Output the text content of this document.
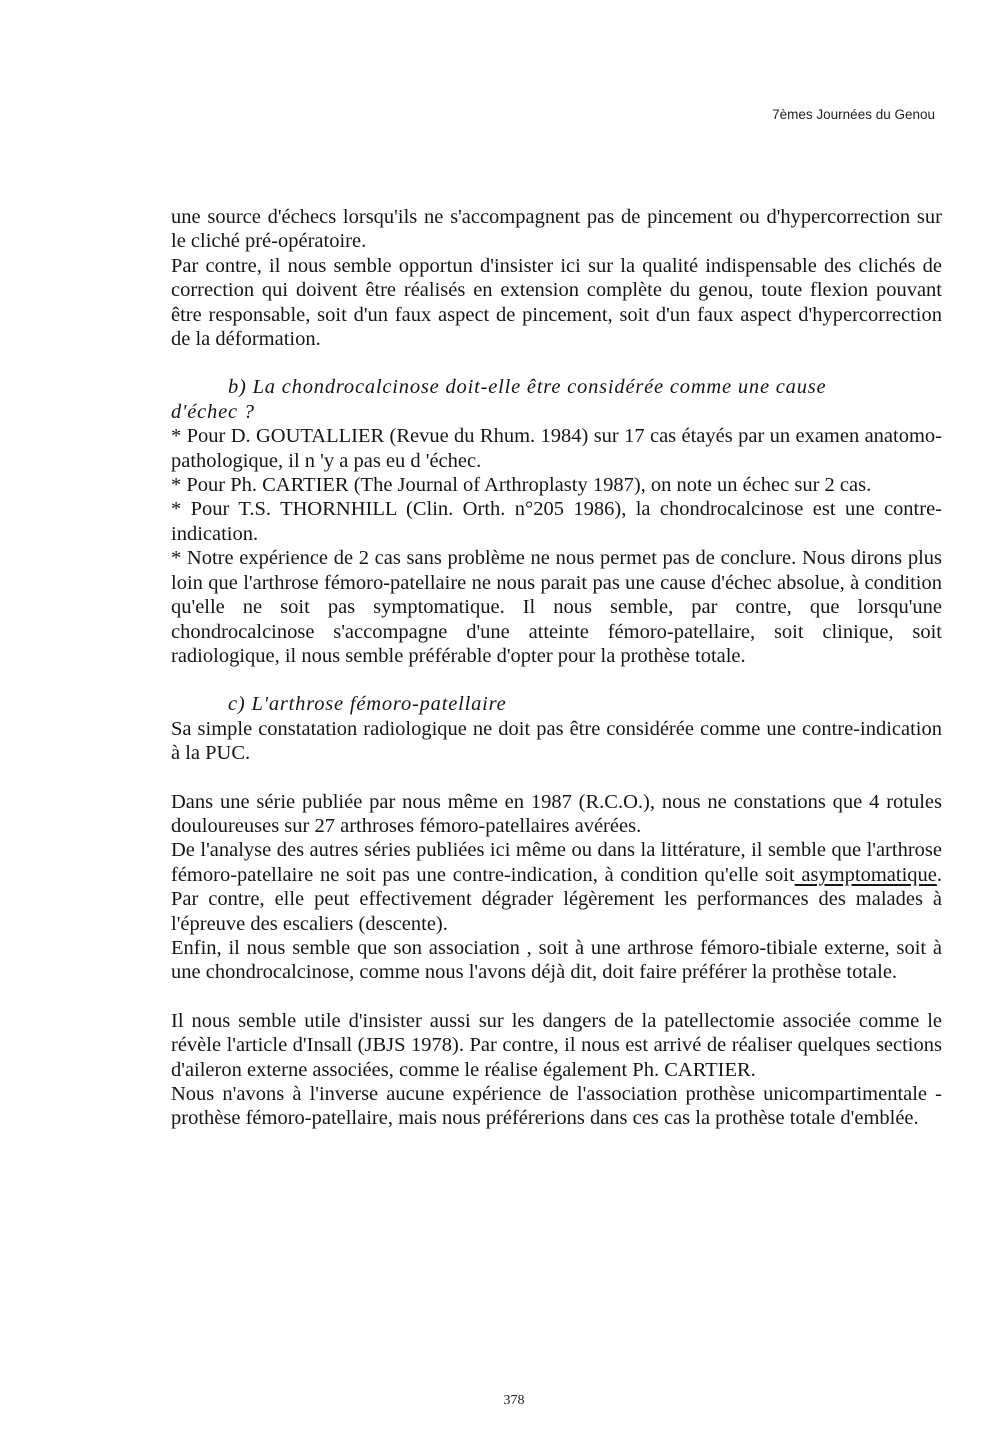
7èmes Journées du Genou

une source d'échecs lorsqu'ils ne s'accompagnent pas de pincement ou d'hypercorrection sur le cliché pré-opératoire.

Par contre, il nous semble opportun d'insister ici sur la qualité indispensable des clichés de correction qui doivent être réalisés en extension complète du genou, toute flexion pouvant être responsable, soit d'un faux aspect de pincement, soit d'un faux aspect d'hypercorrection de la déformation.

b) La chondrocalcinose doit-elle être considérée comme une cause

d'échec ?

* Pour D. GOUTALLIER (Revue du Rhum. 1984) sur 17 cas étayés par un examen anatomo-pathologique, il n 'y a pas eu d 'échec.

* Pour Ph. CARTIER (The Journal of Arthroplasty 1987), on note un échec sur 2 cas.

* Pour T.S. THORNHILL (Clin. Orth. n°205 1986), la chondrocalcinose est une contre-indication.

* Notre expérience de 2 cas sans problème ne nous permet pas de conclure. Nous dirons plus loin que l'arthrose fémoro-patellaire ne nous parait pas une cause d'échec absolue, à condition qu'elle ne soit pas symptomatique. Il nous semble, par contre, que lorsqu'une chondrocalcinose s'accompagne d'une atteinte fémoro-patellaire, soit clinique, soit radiologique, il nous semble préférable d'opter pour la prothèse totale.

c) L'arthrose fémoro-patellaire

Sa simple constatation radiologique ne doit pas être considérée comme une contre-indication à la PUC.

Dans une série publiée par nous même en 1987 (R.C.O.), nous ne constations que 4 rotules douloureuses sur 27 arthroses fémoro-patellaires avérées.

De l'analyse des autres séries publiées ici même ou dans la littérature, il semble que l'arthrose fémoro-patellaire ne soit pas une contre-indication, à condition qu'elle soit asymptomatique. Par contre, elle peut effectivement dégrader légèrement les performances des malades à l'épreuve des escaliers (descente).

Enfin, il nous semble que son association , soit à une arthrose fémoro-tibiale externe, soit à une chondrocalcinose, comme nous l'avons déjà dit, doit faire préférer la prothèse totale.

Il nous semble utile d'insister aussi sur les dangers de la patellectomie associée comme le révèle l'article d'Insall (JBJS 1978). Par contre, il nous est arrivé de réaliser quelques sections d'aileron externe associées, comme le réalise également Ph. CARTIER.

Nous n'avons à l'inverse aucune expérience de l'association prothèse unicompartimentale - prothèse fémoro-patellaire, mais nous préférerions dans ces cas la prothèse totale d'emblée.

378
